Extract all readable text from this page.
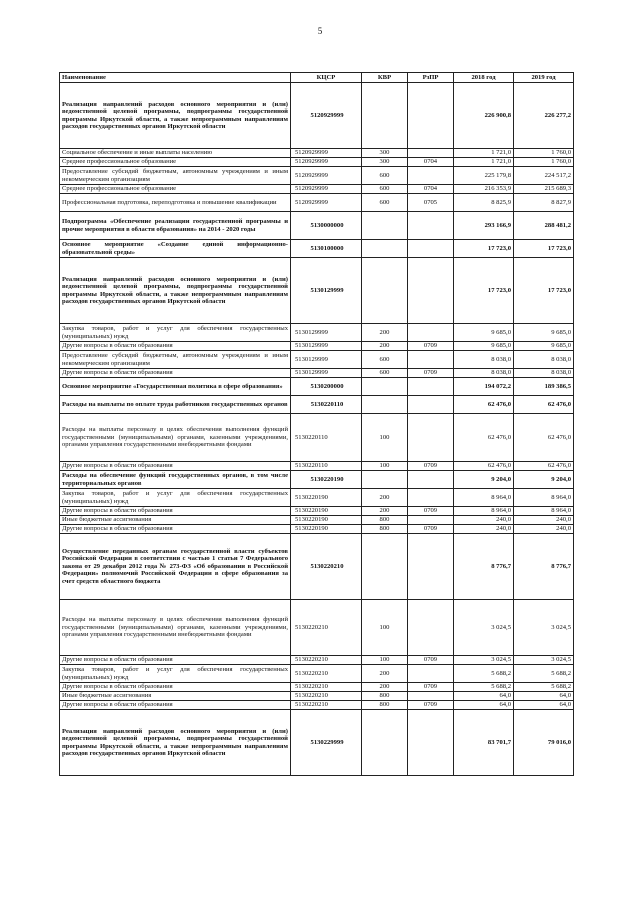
5
Наименование	КЦСР	КВР	РзПР	2018 год	2019 год
Реализация направлений расходов основного мероприятия и (или) ведомственной целевой программы, подпрограммы государственной программы Иркутской области, а также непрограммным направлениям расходов государственных органов Иркутской области	5120929999			226 900,8	226 277,2
Социальное обеспечение и иные выплаты населению	5120929999	300		1 721,0	1 760,0
Среднее профессиональное образование	5120929999	300	0704	1 721,0	1 760,0
Предоставление субсидий бюджетным, автономным учреждениям и иным некоммерческим организациям	5120929999	600		225 179,8	224 517,2
Среднее профессиональное образование	5120929999	600	0704	216 353,9	215 689,3
Профессиональная подготовка, переподготовка и повышение квалификации	5120929999	600	0705	8 825,9	8 827,9
Подпрограмма «Обеспечение реализации государственной программы и прочие мероприятия в области образования» на 2014 - 2020 годы	5130000000			293 166,9	288 481,2
Основное мероприятие «Создание единой информационно-образовательной среды»	5130100000			17 723,0	17 723,0
Реализация направлений расходов основного мероприятия и (или) ведомственной целевой программы, подпрограммы государственной программы Иркутской области, а также непрограммным направлениям расходов государственных органов Иркутской области	5130129999			17 723,0	17 723,0
Закупка товаров, работ и услуг для обеспечения государственных (муниципальных) нужд	5130129999	200		9 685,0	9 685,0
Другие вопросы в области образования	5130129999	200	0709	9 685,0	9 685,0
Предоставление субсидий бюджетным, автономным учреждениям и иным некоммерческим организациям	5130129999	600		8 038,0	8 038,0
Другие вопросы в области образования	5130129999	600	0709	8 038,0	8 038,0
Основное мероприятие «Государственная политика в сфере образования»	5130200000			194 072,2	189 386,5
Расходы на выплаты по оплате труда работников государственных органов	5130220110			62 476,0	62 476,0
Расходы на выплаты персоналу в целях обеспечения выполнения функций государственными (муниципальными) органами, казенными учреждениями, органами управления государственными внебюджетными фондами	5130220110	100		62 476,0	62 476,0
Другие вопросы в области образования	5130220110	100	0709	62 476,0	62 476,0
Расходы на обеспечение функций государственных органов, в том числе территориальных органов	5130220190			9 204,0	9 204,0
Закупка товаров, работ и услуг для обеспечения государственных (муниципальных) нужд	5130220190	200		8 964,0	8 964,0
Другие вопросы в области образования	5130220190	200	0709	8 964,0	8 964,0
Иные бюджетные ассигнования	5130220190	800		240,0	240,0
Другие вопросы в области образования	5130220190	800	0709	240,0	240,0
Осуществление переданных органам государственной власти субъектов Российской Федерации в соответствии с частью 1 статьи 7 Федерального закона от 29 декабря 2012 года № 273-ФЗ «Об образовании в Российской Федерации» полномочий Российской Федерации в сфере образования за счет средств областного бюджета	5130220210			8 776,7	8 776,7
Расходы на выплаты персоналу в целях обеспечения выполнения функций государственными (муниципальными) органами, казенными учреждениями, органами управления государственными внебюджетными фондами	5130220210	100		3 024,5	3 024,5
Другие вопросы в области образования	5130220210	100	0709	3 024,5	3 024,5
Закупка товаров, работ и услуг для обеспечения государственных (муниципальных) нужд	5130220210	200		5 688,2	5 688,2
Другие вопросы в области образования	5130220210	200	0709	5 688,2	5 688,2
Иные бюджетные ассигнования	5130220210	800		64,0	64,0
Другие вопросы в области образования	5130220210	800	0709	64,0	64,0
Реализация направлений расходов основного мероприятия и (или) ведомственной целевой программы, подпрограммы государственной программы Иркутской области, а также непрограммным направлениям расходов государственных органов Иркутской области	5130229999			83 701,7	79 016,0
